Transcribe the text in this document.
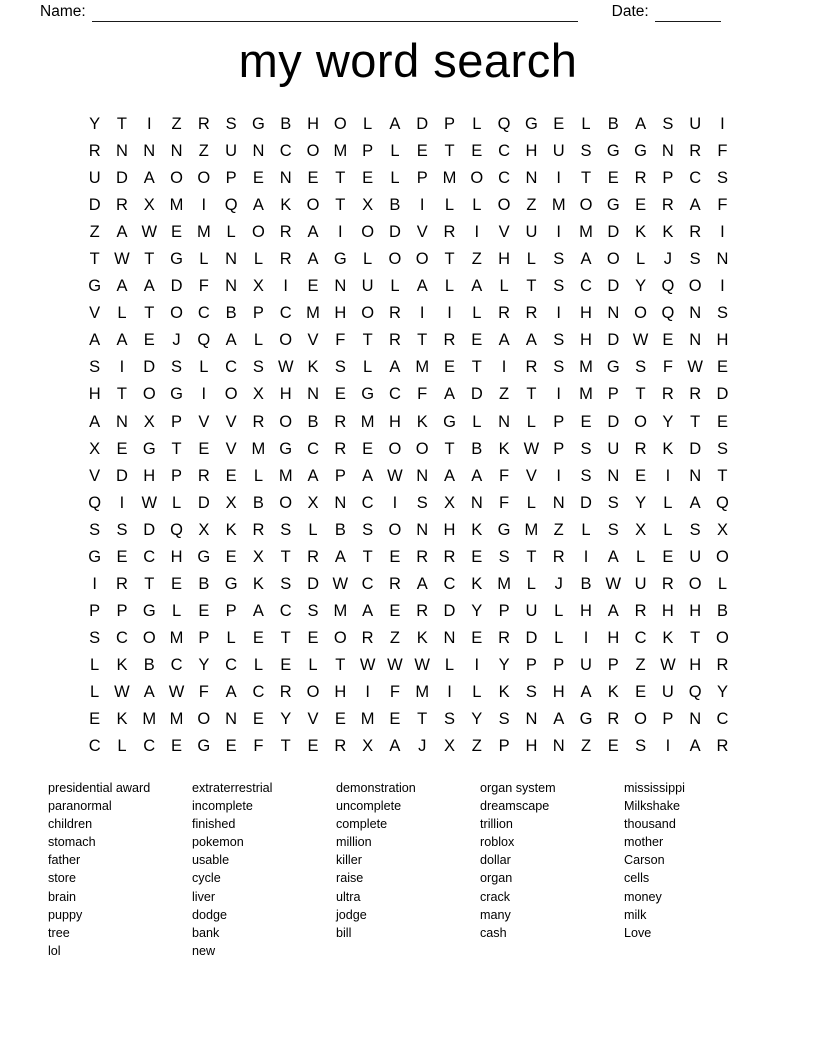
Name:	Date:
my word search
Y	T	I	Z R S G B H O L	A D P	L Q G E	L	B A S U	I
R N N N Z U N C O M P	L	E	T	E C H U S G G N R F
U D A O O P E N E	T	E	L	P M O C N	I	T	E R P C S
D R X M	I	Q A K O T	X B	I	L	L O Z M O G E R A	F
Z	A W E M L O R A	I	O D V R	I	V U	I	M D K K R	I
T W T G L	N	L	R A G L O O T	Z H	L	S A O L	J	S N
G A A D F N X	I	E N U	L	A	L	A	L	T	S C D Y Q O	I
V	L	T O C B P C M H O R	I	I	L	R R	I	H N O Q N S
A A E	J	Q A	L O V	F	T R T R E A A S H D W E N H
S	I	D S	L	C S W K S	L	A M E	T	I	R S M G S	F W E
H T O G	I	O X H N E G C F	A D Z	T	I	M P	T R R D
A N X P V V R O B R M H K G L	N	L	P E D O Y	T	E
X E G T	E V M G C R E O O T	B K W P S U R K D S
V D H P R E	L M A P A W N A A	F	V	I	S N E	I	N T
Q	I	W L	D X B O X N C	I	S X N F	L	N D S Y	L	A Q
S S D Q X K R S	L	B S O N H K G M Z	L	S X	L	S X
G E C H G E X	T R A	T	E R R E S	T R	I	A	L	E U O
I	R T	E B G K S D W C R A C K M L	J	B W U R O L
P P G L	E P A C S M A E R D Y P U	L	H A R H H B
S C O M P	L	E	T	E O R Z	K N E R D	L	I	H C K	T O
L	K B C Y C	L	E	L	T W W W L	I	Y P P U P	Z W H R
L W A W F	A C R O H	I	F M	I	L	K S H A K E U Q Y
E K M M O N E Y V E M E	T	S Y S N A G R O P N C
C	L	C E G E	F	T	E R X A	J	X	Z	P H N Z	E S	I	A R
presidential award
paranormal
children
stomach
father
store
brain
puppy
tree
lol
extraterrestrial
incomplete
finished
pokemon
usable
cycle
liver
dodge
bank
new
demonstration
uncomplete
complete
million
killer
raise
ultra
jodge
bill
organ system
dreamscape
trillion
roblox
dollar
organ
crack
many
cash
mississippi
Milkshake
thousand
mother
Carson
cells
money
milk
Love
